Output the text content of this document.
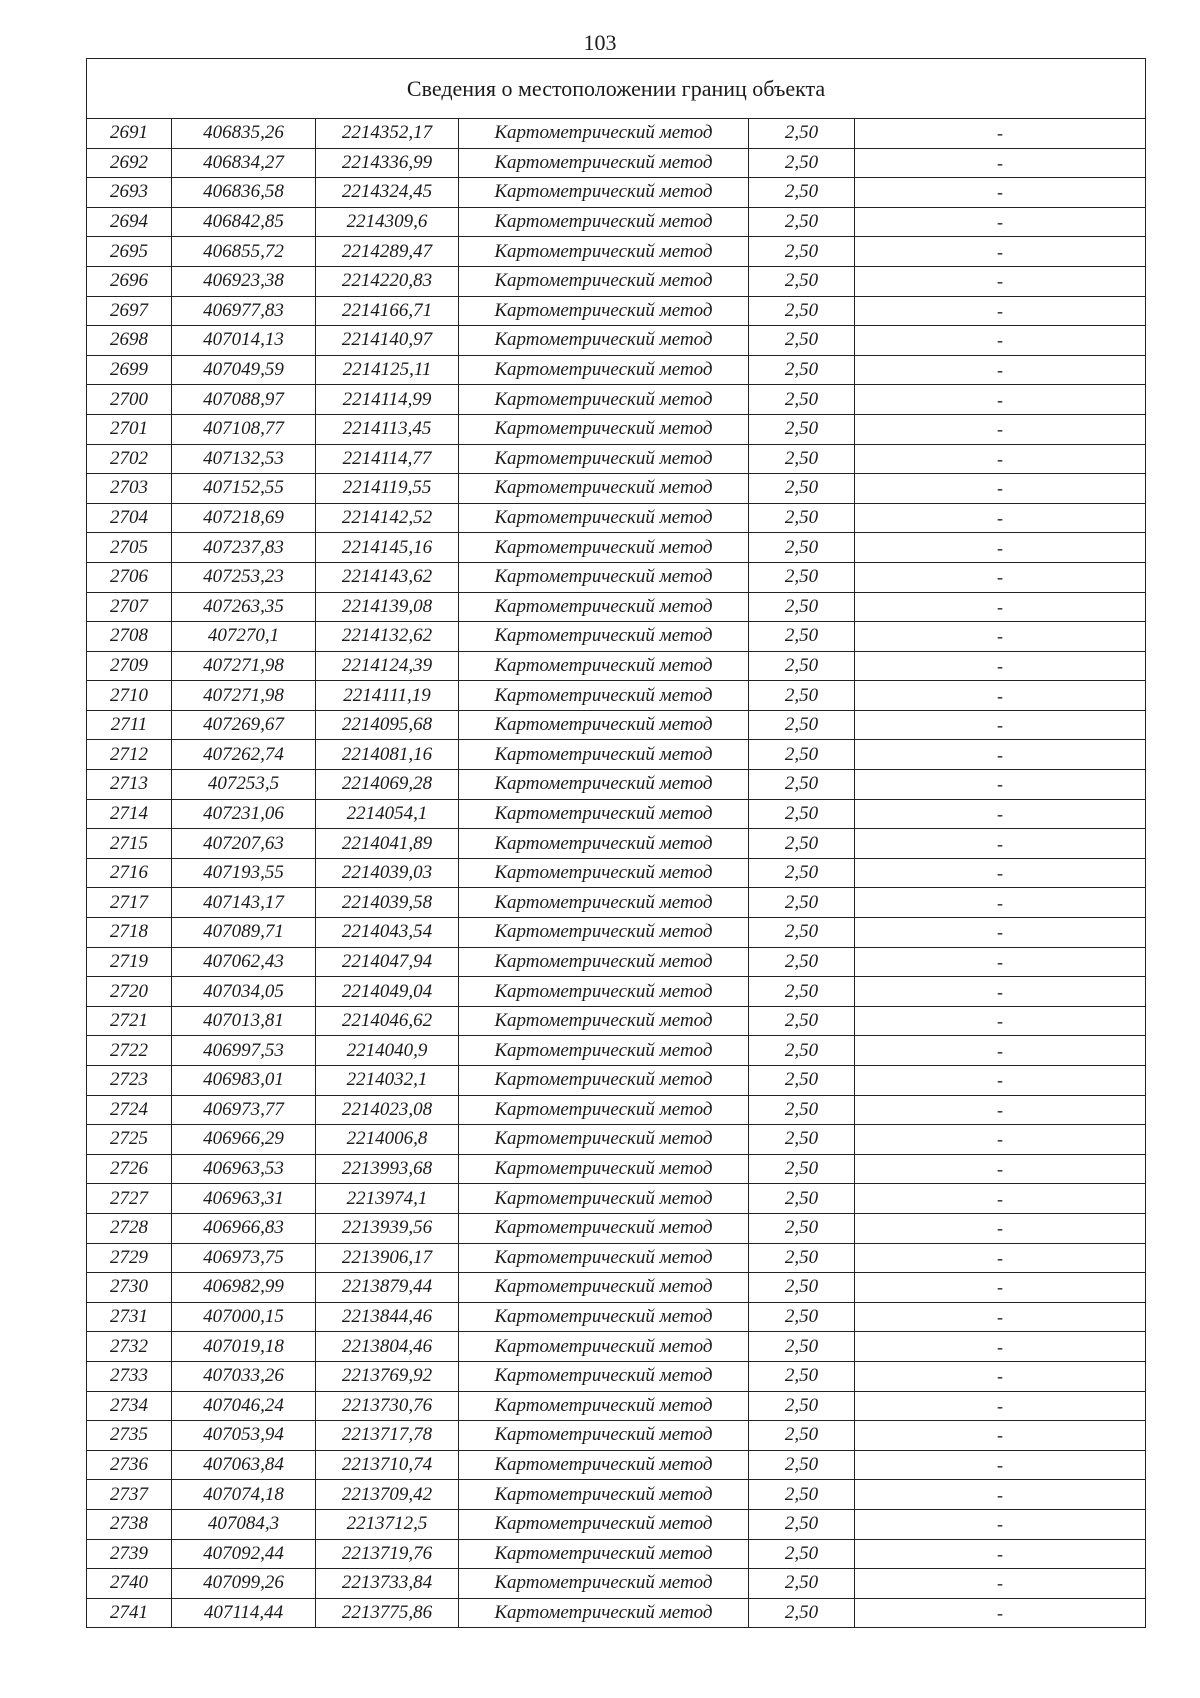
103
Сведения о местоположении границ объекта					
2691	406835,26	2214352,17	Картометрический метод	2,50	-
2692	406834,27	2214336,99	Картометрический метод	2,50	-
2693	406836,58	2214324,45	Картометрический метод	2,50	-
2694	406842,85	2214309,6	Картометрический метод	2,50	-
2695	406855,72	2214289,47	Картометрический метод	2,50	-
2696	406923,38	2214220,83	Картометрический метод	2,50	-
2697	406977,83	2214166,71	Картометрический метод	2,50	-
2698	407014,13	2214140,97	Картометрический метод	2,50	-
2699	407049,59	2214125,11	Картометрический метод	2,50	-
2700	407088,97	2214114,99	Картометрический метод	2,50	-
2701	407108,77	2214113,45	Картометрический метод	2,50	-
2702	407132,53	2214114,77	Картометрический метод	2,50	-
2703	407152,55	2214119,55	Картометрический метод	2,50	-
2704	407218,69	2214142,52	Картометрический метод	2,50	-
2705	407237,83	2214145,16	Картометрический метод	2,50	-
2706	407253,23	2214143,62	Картометрический метод	2,50	-
2707	407263,35	2214139,08	Картометрический метод	2,50	-
2708	407270,1	2214132,62	Картометрический метод	2,50	-
2709	407271,98	2214124,39	Картометрический метод	2,50	-
2710	407271,98	2214111,19	Картометрический метод	2,50	-
2711	407269,67	2214095,68	Картометрический метод	2,50	-
2712	407262,74	2214081,16	Картометрический метод	2,50	-
2713	407253,5	2214069,28	Картометрический метод	2,50	-
2714	407231,06	2214054,1	Картометрический метод	2,50	-
2715	407207,63	2214041,89	Картометрический метод	2,50	-
2716	407193,55	2214039,03	Картометрический метод	2,50	-
2717	407143,17	2214039,58	Картометрический метод	2,50	-
2718	407089,71	2214043,54	Картометрический метод	2,50	-
2719	407062,43	2214047,94	Картометрический метод	2,50	-
2720	407034,05	2214049,04	Картометрический метод	2,50	-
2721	407013,81	2214046,62	Картометрический метод	2,50	-
2722	406997,53	2214040,9	Картометрический метод	2,50	-
2723	406983,01	2214032,1	Картометрический метод	2,50	-
2724	406973,77	2214023,08	Картометрический метод	2,50	-
2725	406966,29	2214006,8	Картометрический метод	2,50	-
2726	406963,53	2213993,68	Картометрический метод	2,50	-
2727	406963,31	2213974,1	Картометрический метод	2,50	-
2728	406966,83	2213939,56	Картометрический метод	2,50	-
2729	406973,75	2213906,17	Картометрический метод	2,50	-
2730	406982,99	2213879,44	Картометрический метод	2,50	-
2731	407000,15	2213844,46	Картометрический метод	2,50	-
2732	407019,18	2213804,46	Картометрический метод	2,50	-
2733	407033,26	2213769,92	Картометрический метод	2,50	-
2734	407046,24	2213730,76	Картометрический метод	2,50	-
2735	407053,94	2213717,78	Картометрический метод	2,50	-
2736	407063,84	2213710,74	Картометрический метод	2,50	-
2737	407074,18	2213709,42	Картометрический метод	2,50	-
2738	407084,3	2213712,5	Картометрический метод	2,50	-
2739	407092,44	2213719,76	Картометрический метод	2,50	-
2740	407099,26	2213733,84	Картометрический метод	2,50	-
2741	407114,44	2213775,86	Картометрический метод	2,50	-
